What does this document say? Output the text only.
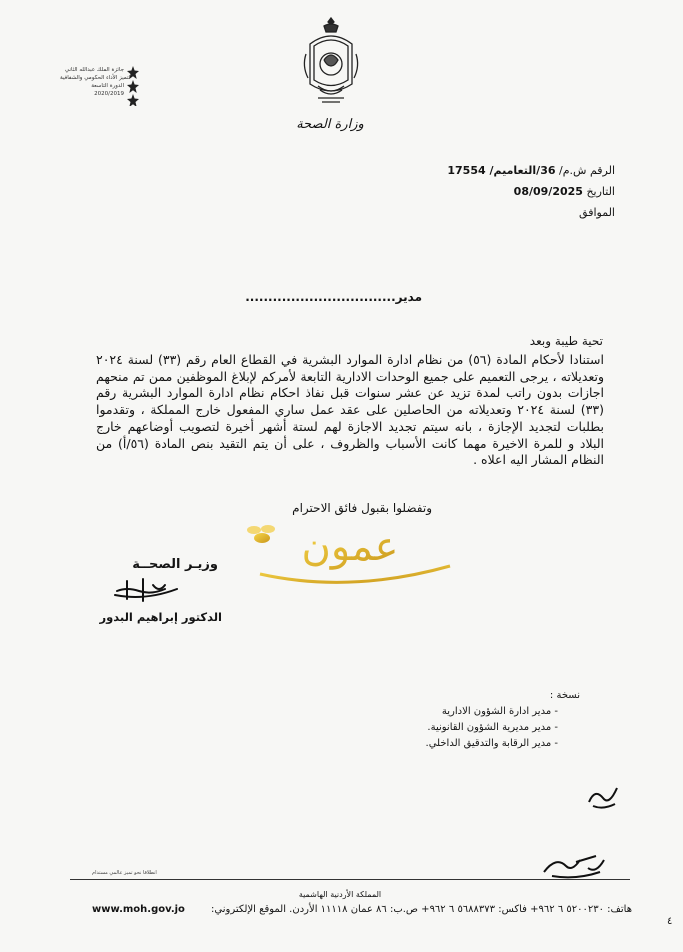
جائزة الملك عبدالله الثاني
لتميز الأداء الحكومي والشفافية
الدورة التاسعة
2020/2019
وزارة الصحة
الرقم ش.م/ 36/التعاميم/ 17554
التاريخ 08/09/2025
الموافق
مدير.................................
تحية طيبة وبعد
استنادا لأحكام المادة (٥٦) من نظام ادارة الموارد البشرية في القطاع العام رقم (٣٣) لسنة ٢٠٢٤ وتعديلاته ، يرجى التعميم على جميع الوحدات الادارية التابعة لأمركم لإبلاغ الموظفين ممن تم منحهم اجازات بدون راتب لمدة تزيد عن عشر سنوات قبل نفاذ احكام نظام ادارة الموارد البشرية رقم (٣٣) لسنة ٢٠٢٤ وتعديلاته من الحاصلين على عقد عمل ساري المفعول خارج المملكة ، وتقدموا بطلبات لتجديد الإجازة ، بانه سيتم تجديد الاجازة لهم لستة أشهر أخيرة لتصويب أوضاعهم خارج البلاد و للمرة الاخيرة مهما كانت الأسباب والظروف ، على أن يتم التقيد بنص المادة (٥٦/أ) من النظام المشار اليه اعلاه .
وتفضلوا بقبول فائق الاحترام
عمون
وزيـر الصحــة
الدكتور إبراهيم البدور
نسخة :
- مدير ادارة الشؤون الادارية
- مدير مديرية الشؤون القانونية.
- مدير الرقابة والتدقيق الداخلي.
انطلاقا نحو تميز عالمي مستدام
المملكة الأردنية الهاشمية
www.moh.gov.jo	هاتف: ٥٢٠٠٢٣٠ ٦ ٩٦٢+ فاكس: ٥٦٨٨٣٧٣ ٦ ٩٦٢+ ص.ب: ٨٦ عمان ١١١١٨ الأردن. الموقع الإلكتروني:
٤
